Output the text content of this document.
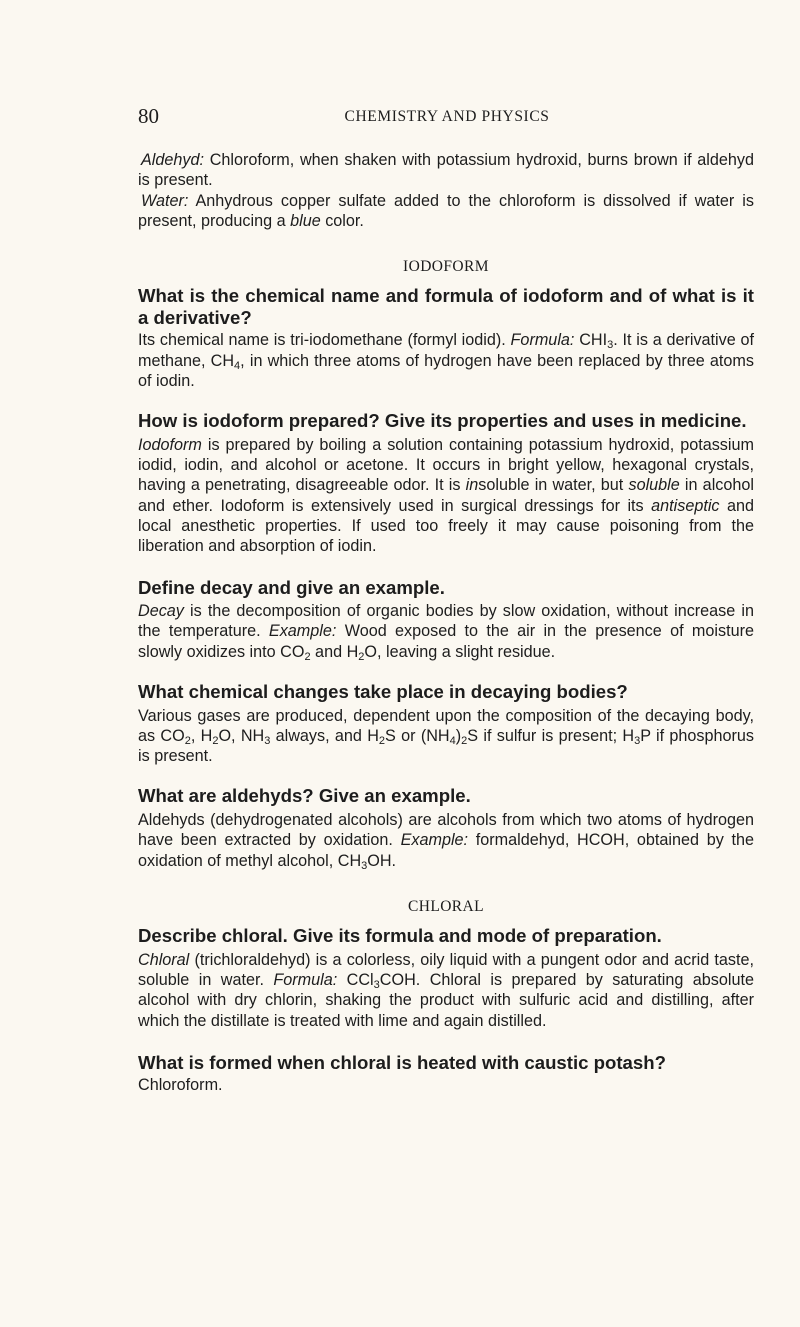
80	CHEMISTRY AND PHYSICS

Aldehyd: Chloroform, when shaken with potassium hydroxid, burns brown if aldehyd is present.

Water: Anhydrous copper sulfate added to the chloroform is dissolved if water is present, producing a blue color.

IODOFORM

What is the chemical name and formula of iodoform and of what is it a derivative?

Its chemical name is tri-iodomethane (formyl iodid). Formula: $CHI_3$. It is a derivative of methane, $CH_4$, in which three atoms of hydrogen have been replaced by three atoms of iodin.

How is iodoform prepared? Give its properties and uses in medicine.

Iodoform is prepared by boiling a solution containing potassium hydroxid, potassium iodid, iodin, and alcohol or acetone. It occurs in bright yellow, hexagonal crystals, having a penetrating, disagreeable odor. It is insoluble in water, but soluble in alcohol and ether. Iodoform is extensively used in surgical dressings for its antiseptic and local anesthetic properties. If used too freely it may cause poisoning from the liberation and absorption of iodin.

Define decay and give an example.

Decay is the decomposition of organic bodies by slow oxidation, without increase in the temperature. Example: Wood exposed to the air in the presence of moisture slowly oxidizes into $CO_2$ and $H_2O$, leaving a slight residue.

What chemical changes take place in decaying bodies?

Various gases are produced, dependent upon the composition of the decaying body, as $CO_2$, $H_2O$, $NH_3$ always, and $H_2S$ or $(NH_4)_2S$ if sulfur is present; $H_3P$ if phosphorus is present.

What are aldehyds? Give an example.

Aldehyds (dehydrogenated alcohols) are alcohols from which two atoms of hydrogen have been extracted by oxidation. Example: formaldehyd, HCOH, obtained by the oxidation of methyl alcohol, $CH_3OH$.

CHLORAL

Describe chloral. Give its formula and mode of preparation.

Chloral (trichloraldehyd) is a colorless, oily liquid with a pungent odor and acrid taste, soluble in water. Formula: CCl$_3$COH. Chloral is prepared by saturating absolute alcohol with dry chlorin, shaking the product with sulfuric acid and distilling, after which the distillate is treated with lime and again distilled.

What is formed when chloral is heated with caustic potash?

Chloroform.
